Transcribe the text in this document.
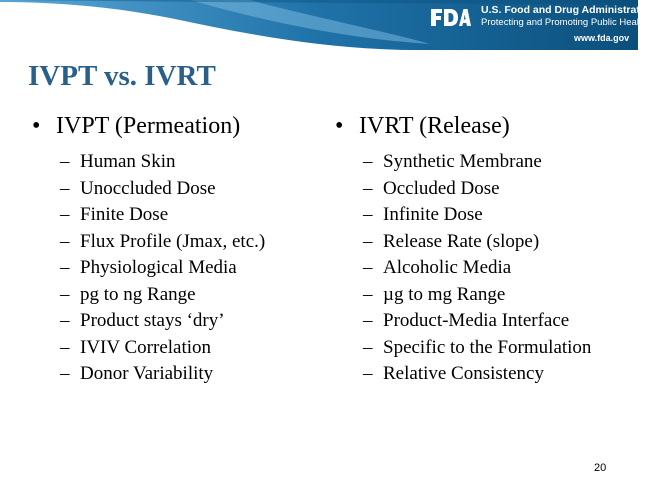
U.S. Food and Drug Administration
Protecting and Promoting Public Health
www.fda.gov
IVPT vs. IVRT
• IVPT (Permeation)
– Human Skin
– Unoccluded Dose
– Finite Dose
– Flux Profile (Jmax, etc.)
– Physiological Media
– pg to ng Range
– Product stays ‘dry’
– IVIV Correlation
– Donor Variability
• IVRT (Release)
– Synthetic Membrane
– Occluded Dose
– Infinite Dose
– Release Rate (slope)
– Alcoholic Media
– µg to mg Range
– Product-Media Interface
– Specific to the Formulation
– Relative Consistency
20
